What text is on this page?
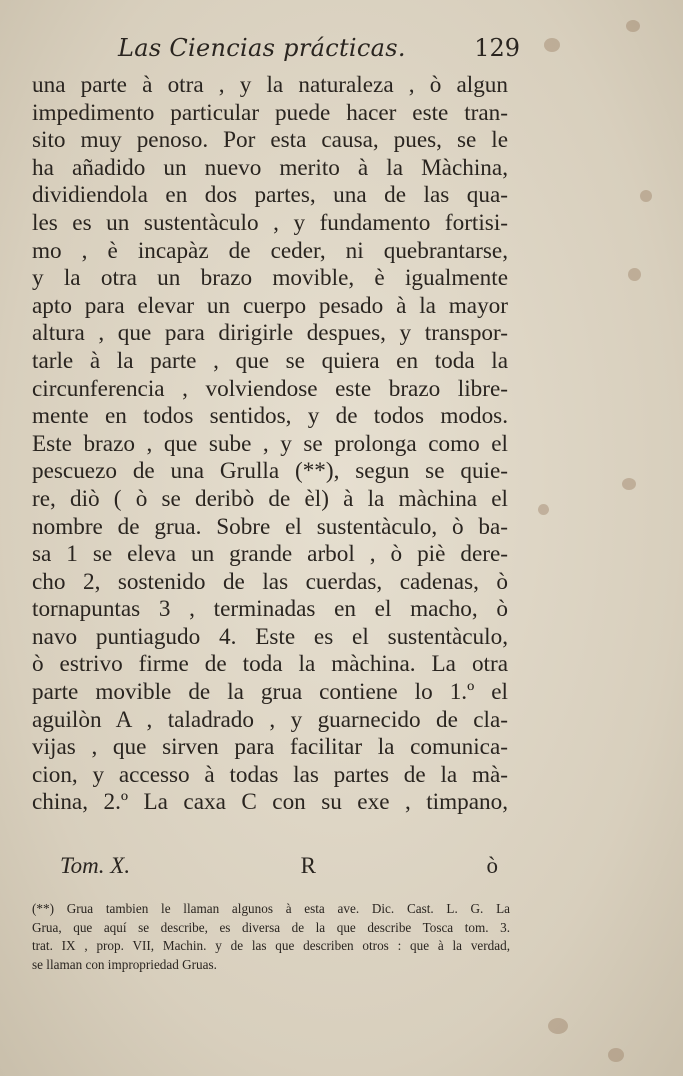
Las Ciencias prácticas.	129
una parte à otra , y la naturaleza , ò algun
impedimento particular puede hacer este tran-
sito muy penoso. Por esta causa, pues, se le
ha añadido un nuevo merito à la Màchina,
dividiendola en dos partes, una de las qua-
les es un sustentàculo , y fundamento fortisi-
mo , è incapàz de ceder, ni quebrantarse,
y la otra un brazo movible, è igualmente
apto para elevar un cuerpo pesado à la mayor
altura , que para dirigirle despues, y transpor-
tarle à la parte , que se quiera en toda la
circunferencia , volviendose este brazo libre-
mente en todos sentidos, y de todos modos.
Este brazo , que sube , y se prolonga como el
pescuezo de una Grulla (**), segun se quie-
re, diò ( ò se deribò de èl) à la màchina el
nombre de grua. Sobre el sustentàculo, ò ba-
sa 1 se eleva un grande arbol , ò piè dere-
cho 2, sostenido de las cuerdas, cadenas, ò
tornapuntas 3 , terminadas en el macho, ò
navo puntiagudo 4. Este es el sustentàculo,
ò estrivo firme de toda la màchina. La otra
parte movible de la grua contiene lo 1.º el
aguilòn A , taladrado , y guarnecido de cla-
vijas , que sirven para facilitar la comunica-
cion, y accesso à todas las partes de la mà-
china, 2.º La caxa C con su exe , timpano,
Tom. X.	R	ò
(**) Grua tambien le llaman algunos à esta ave. Dic. Cast. L. G. La
Grua, que aquí se describe, es diversa de la que describe Tosca tom. 3.
trat. IX , prop. VII, Machin. y de las que describen otros : que à la verdad,
se llaman con impropriedad Gruas.
